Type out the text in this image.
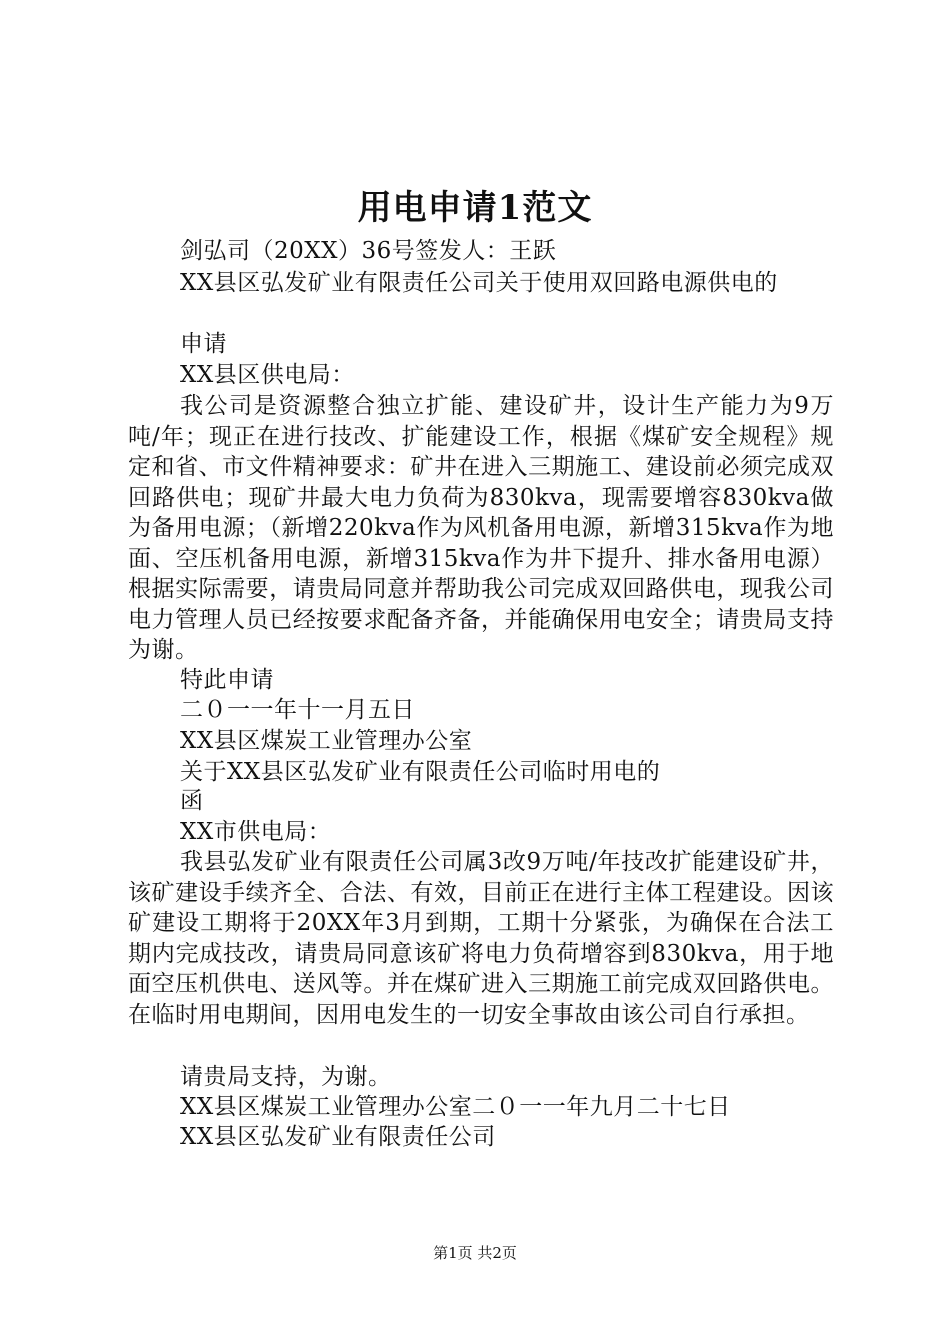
用电申请1范文
剑弘司（20XX）36号签发人：王跃
XX县区弘发矿业有限责任公司关于使用双回路电源供电的
申请
XX县区供电局：
我公司是资源整合独立扩能、建设矿井，设计生产能力为9万吨/年；现正在进行技改、扩能建设工作，根据《煤矿安全规程》规定和省、市文件精神要求：矿井在进入三期施工、建设前必须完成双回路供电；现矿井最大电力负荷为830kva，现需要增容830kva做为备用电源；（新增220kva作为风机备用电源，新增315kva作为地面、空压机备用电源，新增315kva作为井下提升、排水备用电源）根据实际需要，请贵局同意并帮助我公司完成双回路供电，现我公司电力管理人员已经按要求配备齐备，并能确保用电安全；请贵局支持为谢。
特此申请
二０一一年十一月五日
XX县区煤炭工业管理办公室
关于XX县区弘发矿业有限责任公司临时用电的
函
XX市供电局：
我县弘发矿业有限责任公司属3改9万吨/年技改扩能建设矿井，该矿建设手续齐全、合法、有效，目前正在进行主体工程建设。因该矿建设工期将于20XX年3月到期，工期十分紧张，为确保在合法工期内完成技改，请贵局同意该矿将电力负荷增容到830kva，用于地面空压机供电、送风等。并在煤矿进入三期施工前完成双回路供电。在临时用电期间，因用电发生的一切安全事故由该公司自行承担。
请贵局支持，为谢。
XX县区煤炭工业管理办公室二０一一年九月二十七日
XX县区弘发矿业有限责任公司
第1页 共2页
